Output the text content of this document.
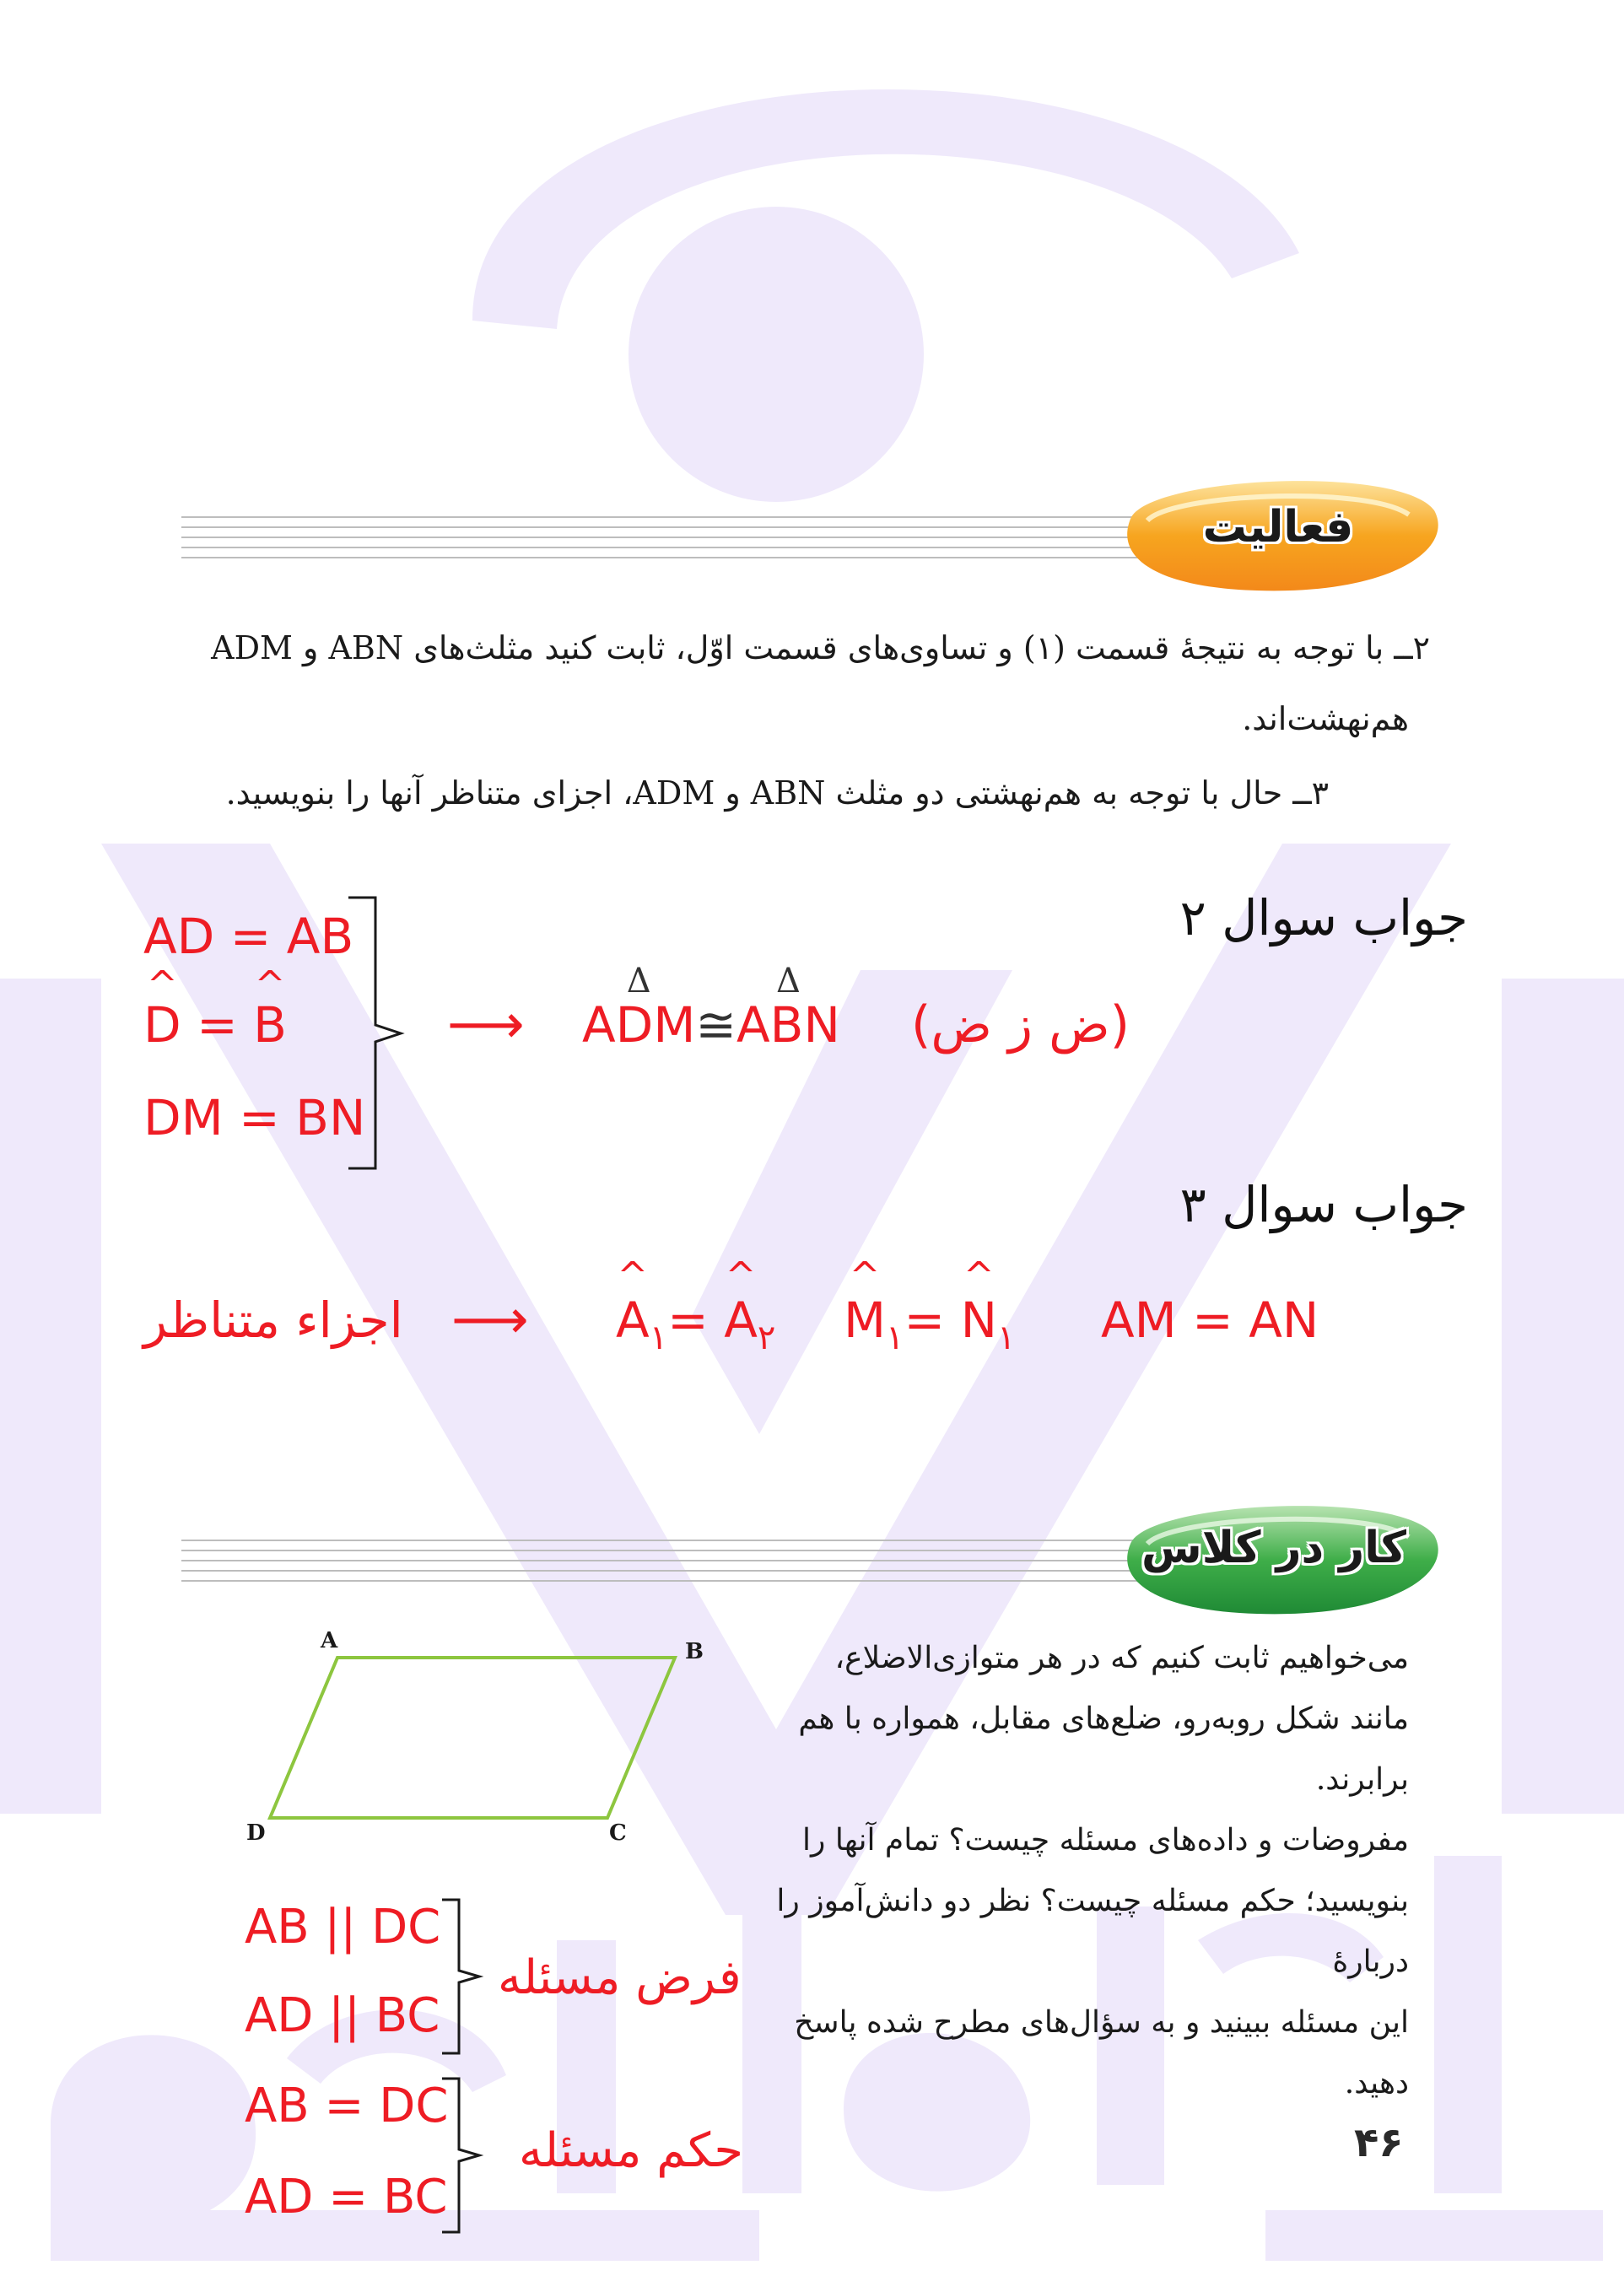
فعالیت
۲ــ با توجه به نتیجهٔ قسمت (۱) و تساوی‌های قسمت اوّل، ثابت کنید مثلث‌های ABN و ADM
هم‌نهشت‌اند.
۳ــ حال با توجه به هم‌نهشتی دو مثلث ABN و ADM، اجزای متناظر آنها را بنویسید.
جواب سوال ۲
AD = AB
^ D = ^ B
DM = BN
⟶ Δ ADM≅Δ ABN (ض ز ض)
جواب سوال ۳
اجزاء متناظر ⟶ ^ $A_۱=$ ^ $A_۲$ ^ $M_۱=$ ^ $N_۱$ AM = AN
کار در کلاس
A	B
C
D
می‌خواهیم ثابت کنیم که در هر متوازی‌الاضلاع،
مانند شکل روبه‌رو، ضلع‌های مقابل، همواره با هم برابرند.
مفروضات و داده‌های مسئله چیست؟ تمام آنها را
بنویسید؛ حکم مسئله چیست؟ نظر دو دانش‌آموز را دربارهٔ
این مسئله ببینید و به سؤال‌های مطرح شده پاسخ دهید.
AB || DC
AD || BC
فرض مسئله
AB = DC
AD = BC
حکم مسئله	۴۶
